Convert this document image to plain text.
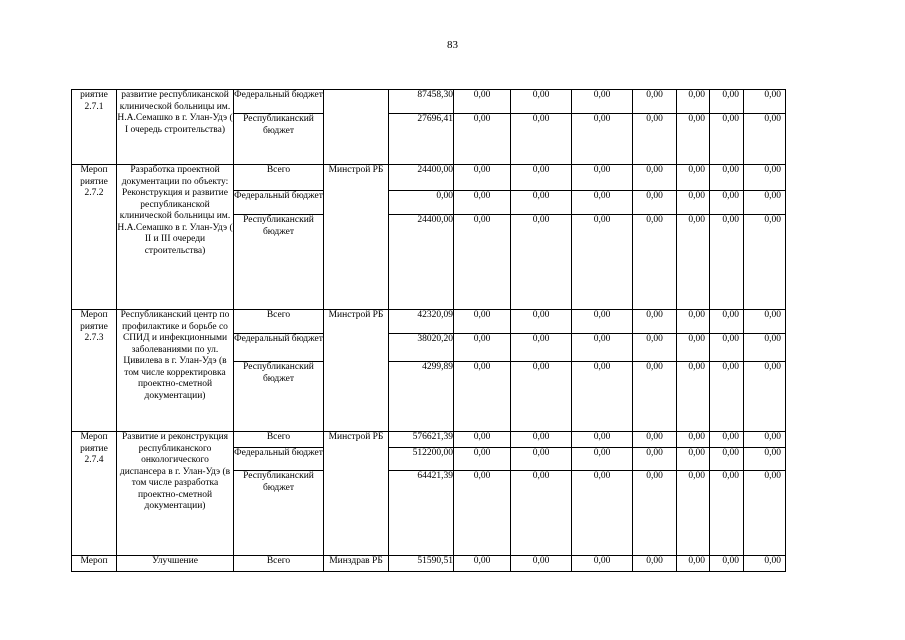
83
риятие 2.7.1	развитие республиканской клинической больницы им. Н.А.Семашко в г. Улан-Удэ ( I очередь строительства)	Федеральный бюджет		87458,30	0,00	0,00	0,00	0,00	0,00	0,00	0,00
		Республиканский бюджет		27696,41	0,00	0,00	0,00	0,00	0,00	0,00	0,00
Мероп риятие 2.7.2	Разработка проектной документации по объекту: Реконструкция и развитие республиканской клинической больницы им. Н.А.Семашко в г. Улан-Удэ ( II и III очереди строительства)	Всего	Минстрой РБ	24400,00	0,00	0,00	0,00	0,00	0,00	0,00	0,00
		Федеральный бюджет		0,00	0,00	0,00	0,00	0,00	0,00	0,00	0,00
		Республиканский бюджет		24400,00	0,00	0,00	0,00	0,00	0,00	0,00	0,00
Мероп риятие 2.7.3	Республиканский центр по профилактике и борьбе со СПИД и инфекционными заболеваниями по ул. Цивилева в г. Улан-Удэ (в том числе корректировка проектно-сметной документации)	Всего	Минстрой РБ	42320,09	0,00	0,00	0,00	0,00	0,00	0,00	0,00
		Федеральный бюджет		38020,20	0,00	0,00	0,00	0,00	0,00	0,00	0,00
		Республиканский бюджет		4299,89	0,00	0,00	0,00	0,00	0,00	0,00	0,00
Мероп риятие 2.7.4	Развитие и реконструкция республиканского онкологического диспансера в г. Улан-Удэ (в том числе разработка проектно-сметной документации)	Всего	Минстрой РБ	576621,39	0,00	0,00	0,00	0,00	0,00	0,00	0,00
		Федеральный бюджет		512200,00	0,00	0,00	0,00	0,00	0,00	0,00	0,00
		Республиканский бюджет		64421,39	0,00	0,00	0,00	0,00	0,00	0,00	0,00
Мероп	Улучшение	Всего	Минздрав РБ	51590,51	0,00	0,00	0,00	0,00	0,00	0,00	0,00
